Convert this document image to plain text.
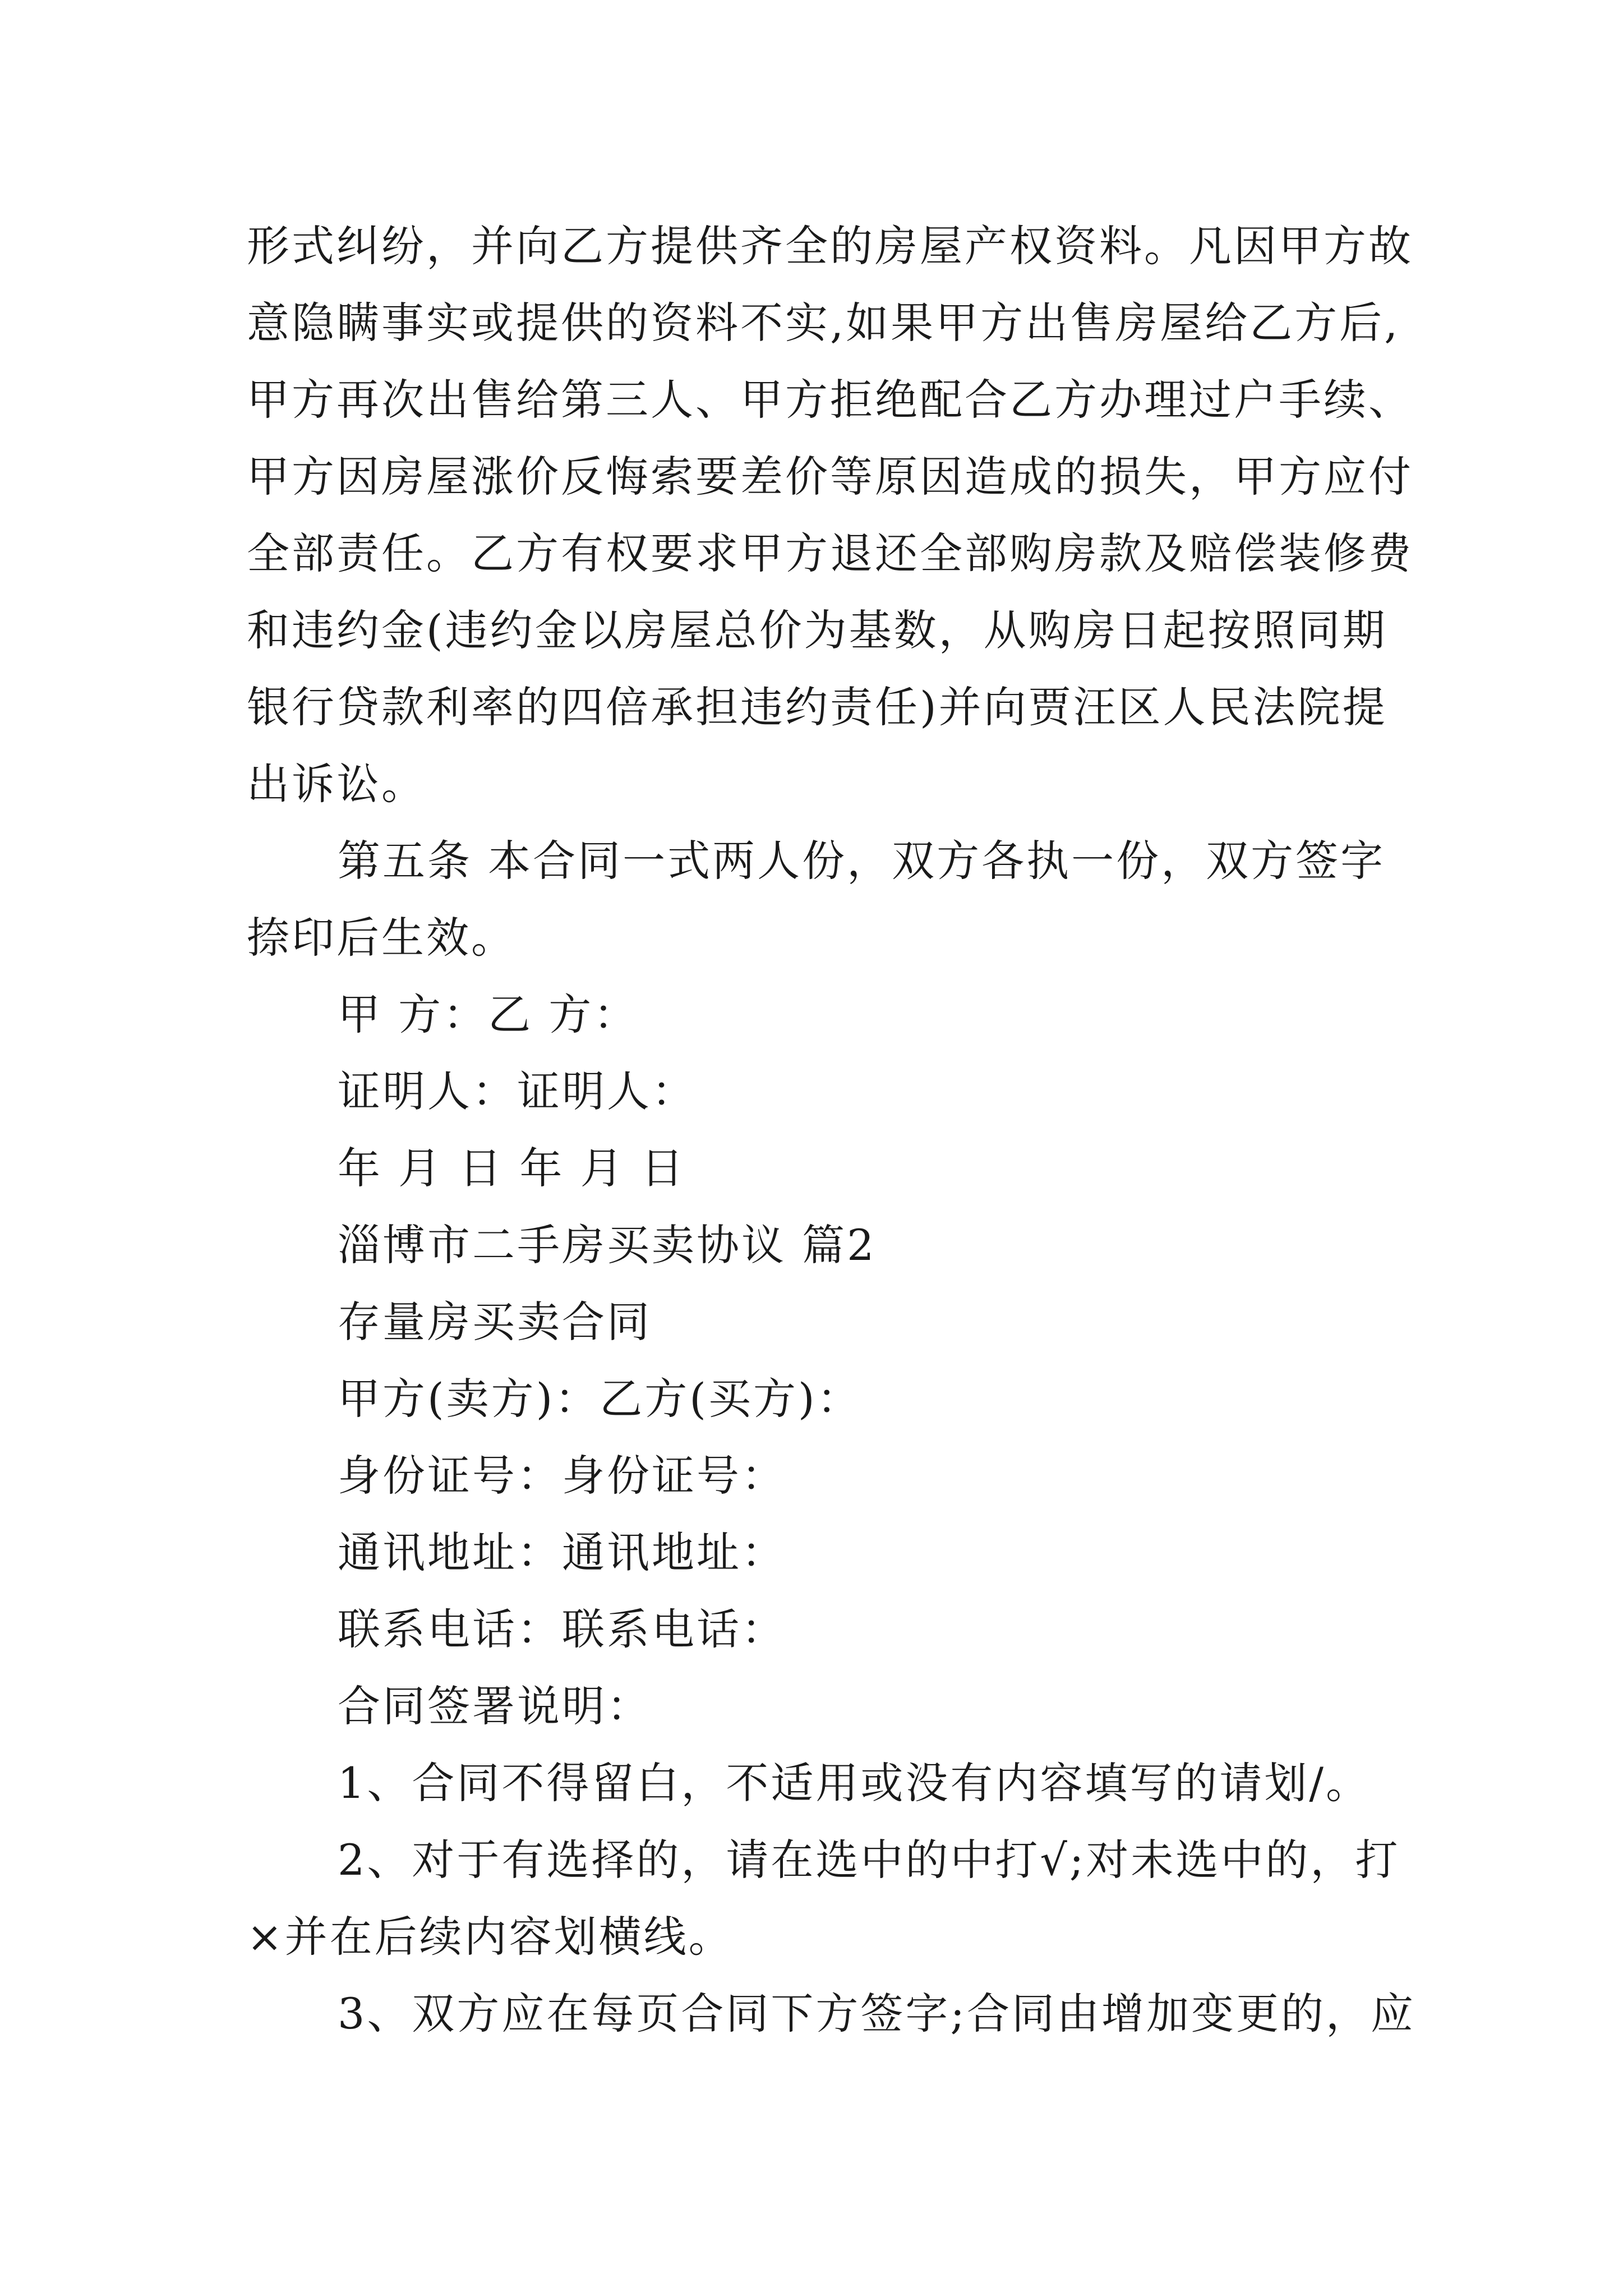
形式纠纷，并向乙方提供齐全的房屋产权资料。凡因甲方故
意隐瞒事实或提供的资料不实,如果甲方出售房屋给乙方后,
甲方再次出售给第三人、甲方拒绝配合乙方办理过户手续、
甲方因房屋涨价反悔索要差价等原因造成的损失，甲方应付
全部责任。乙方有权要求甲方退还全部购房款及赔偿装修费
和违约金(违约金以房屋总价为基数，从购房日起按照同期
银行贷款利率的四倍承担违约责任)并向贾汪区人民法院提
出诉讼。
第五条 本合同一式两人份，双方各执一份，双方签字
捺印后生效。
甲 方：乙 方：
证明人：证明人：
年 月 日 年 月 日
淄博市二手房买卖协议 篇2
存量房买卖合同
甲方(卖方)：乙方(买方)：
身份证号：身份证号：
通讯地址：通讯地址：
联系电话：联系电话：
合同签署说明：
1、合同不得留白，不适用或没有内容填写的请划/。
2、对于有选择的，请在选中的中打√;对未选中的，打
×并在后续内容划横线。
3、双方应在每页合同下方签字;合同由增加变更的，应
